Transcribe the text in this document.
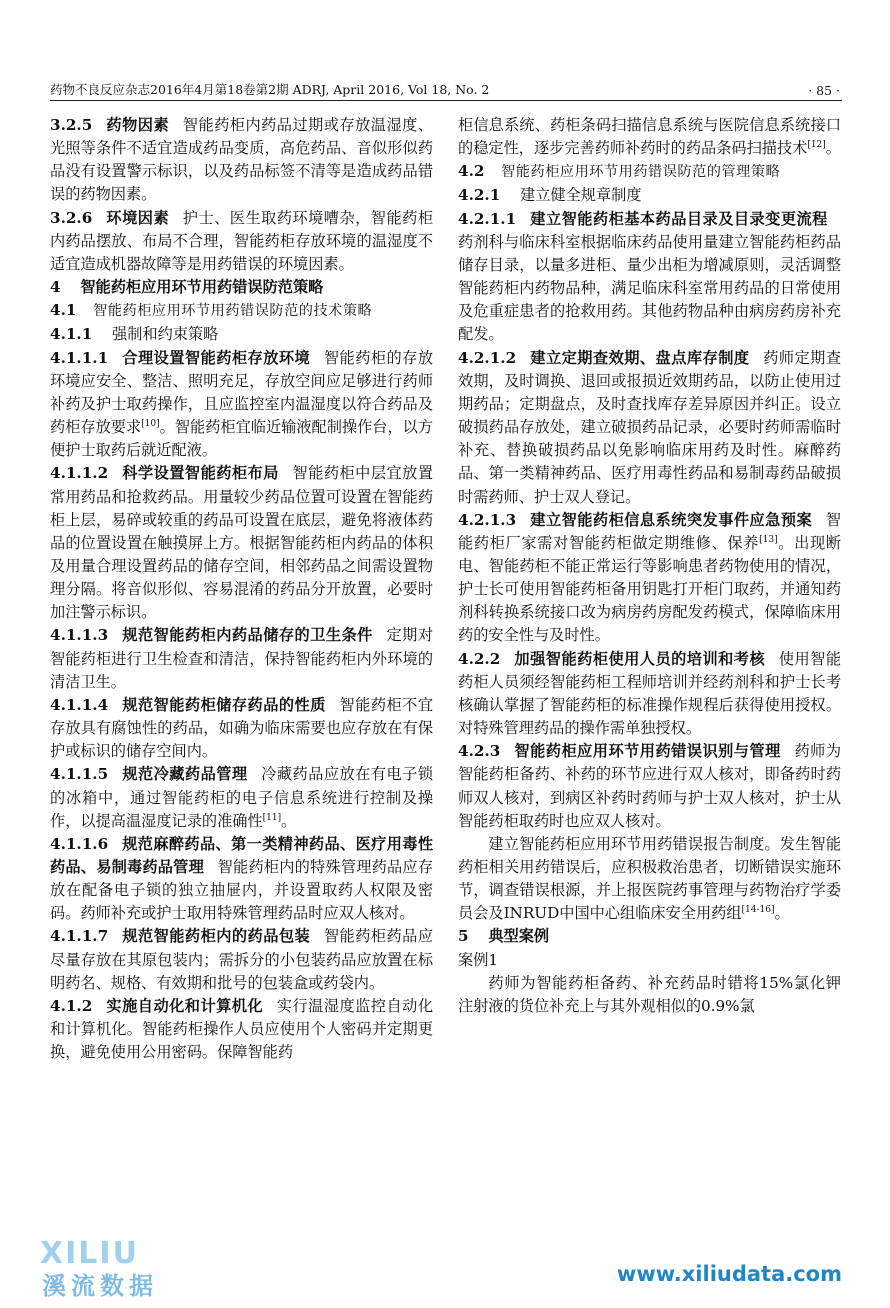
药物不良反应杂志2016年4月第18卷第2期 ADRJ, April 2016, Vol 18, No. 2	· 85 ·

3.2.5 药物因素 智能药柜内药品过期或存放温湿度、光照等条件不适宜造成药品变质，高危药品、音似形似药品没有设置警示标识，以及药品标签不清等是造成药品错误的药物因素。

3.2.6 环境因素 护士、医生取药环境嘈杂，智能药柜内药品摆放、布局不合理，智能药柜存放环境的温湿度不适宜造成机器故障等是用药错误的环境因素。

4 智能药柜应用环节用药错误防范策略

4.1 智能药柜应用环节用药错误防范的技术策略

4.1.1 强制和约束策略

4.1.1.1 合理设置智能药柜存放环境 智能药柜的存放环境应安全、整洁、照明充足，存放空间应足够进行药师补药及护士取药操作，且应监控室内温湿度以符合药品及药柜存放要求[10]。智能药柜宜临近输液配制操作台，以方便护士取药后就近配液。

4.1.1.2 科学设置智能药柜布局 智能药柜中层宜放置常用药品和抢救药品。用量较少药品位置可设置在智能药柜上层，易碎或较重的药品可设置在底层，避免将液体药品的位置设置在触摸屏上方。根据智能药柜内药品的体积及用量合理设置药品的储存空间，相邻药品之间需设置物理分隔。将音似形似、容易混淆的药品分开放置，必要时加注警示标识。

4.1.1.3 规范智能药柜内药品储存的卫生条件 定期对智能药柜进行卫生检查和清洁，保持智能药柜内外环境的清洁卫生。

4.1.1.4 规范智能药柜储存药品的性质 智能药柜不宜存放具有腐蚀性的药品，如确为临床需要也应存放在有保护或标识的储存空间内。

4.1.1.5 规范冷藏药品管理 冷藏药品应放在有电子锁的冰箱中，通过智能药柜的电子信息系统进行控制及操作，以提高温湿度记录的准确性[11]。

4.1.1.6 规范麻醉药品、第一类精神药品、医疗用毒性药品、易制毒药品管理 智能药柜内的特殊管理药品应存放在配备电子锁的独立抽屉内，并设置取药人权限及密码。药师补充或护士取用特殊管理药品时应双人核对。

4.1.1.7 规范智能药柜内的药品包装 智能药柜药品应尽量存放在其原包装内；需拆分的小包装药品应放置在标明药名、规格、有效期和批号的包装盒或药袋内。

4.1.2 实施自动化和计算机化 实行温湿度监控自动化和计算机化。智能药柜操作人员应使用个人密码并定期更换，避免使用公用密码。保障智能药

柜信息系统、药柜条码扫描信息系统与医院信息系统接口的稳定性，逐步完善药师补药时的药品条码扫描技术[12]。

4.2 智能药柜应用环节用药错误防范的管理策略

4.2.1 建立健全规章制度

4.2.1.1 建立智能药柜基本药品目录及目录变更流程药剂科与临床科室根据临床药品使用量建立智能药柜药品储存目录，以量多进柜、量少出柜为增减原则，灵活调整智能药柜内药物品种，满足临床科室常用药品的日常使用及危重症患者的抢救用药。其他药物品种由病房药房补充配发。

4.2.1.2 建立定期查效期、盘点库存制度 药师定期查效期，及时调换、退回或报损近效期药品，以防止使用过期药品；定期盘点，及时查找库存差异原因并纠正。设立破损药品存放处，建立破损药品记录，必要时药师需临时补充、替换破损药品以免影响临床用药及时性。麻醉药品、第一类精神药品、医疗用毒性药品和易制毒药品破损时需药师、护士双人登记。

4.2.1.3 建立智能药柜信息系统突发事件应急预案 智能药柜厂家需对智能药柜做定期维修、保养[13]。出现断电、智能药柜不能正常运行等影响患者药物使用的情况，护士长可使用智能药柜备用钥匙打开柜门取药，并通知药剂科转换系统接口改为病房药房配发药模式，保障临床用药的安全性与及时性。

4.2.2 加强智能药柜使用人员的培训和考核 使用智能药柜人员须经智能药柜工程师培训并经药剂科和护士长考核确认掌握了智能药柜的标准操作规程后获得使用授权。对特殊管理药品的操作需单独授权。

4.2.3 智能药柜应用环节用药错误识别与管理 药师为智能药柜备药、补药的环节应进行双人核对，即备药时药师双人核对，到病区补药时药师与护士双人核对，护士从智能药柜取药时也应双人核对。

建立智能药柜应用环节用药错误报告制度。发生智能药柜相关用药错误后，应积极救治患者，切断错误实施环节，调查错误根源，并上报医院药事管理与药物治疗学委员会及INRUD中国中心组临床安全用药组[14-16]。

5 典型案例

案例1

药师为智能药柜备药、补充药品时错将15%氯化钾注射液的货位补充上与其外观相似的0.9%氯

XILIU
溪流数据	www.xiliudata.com
